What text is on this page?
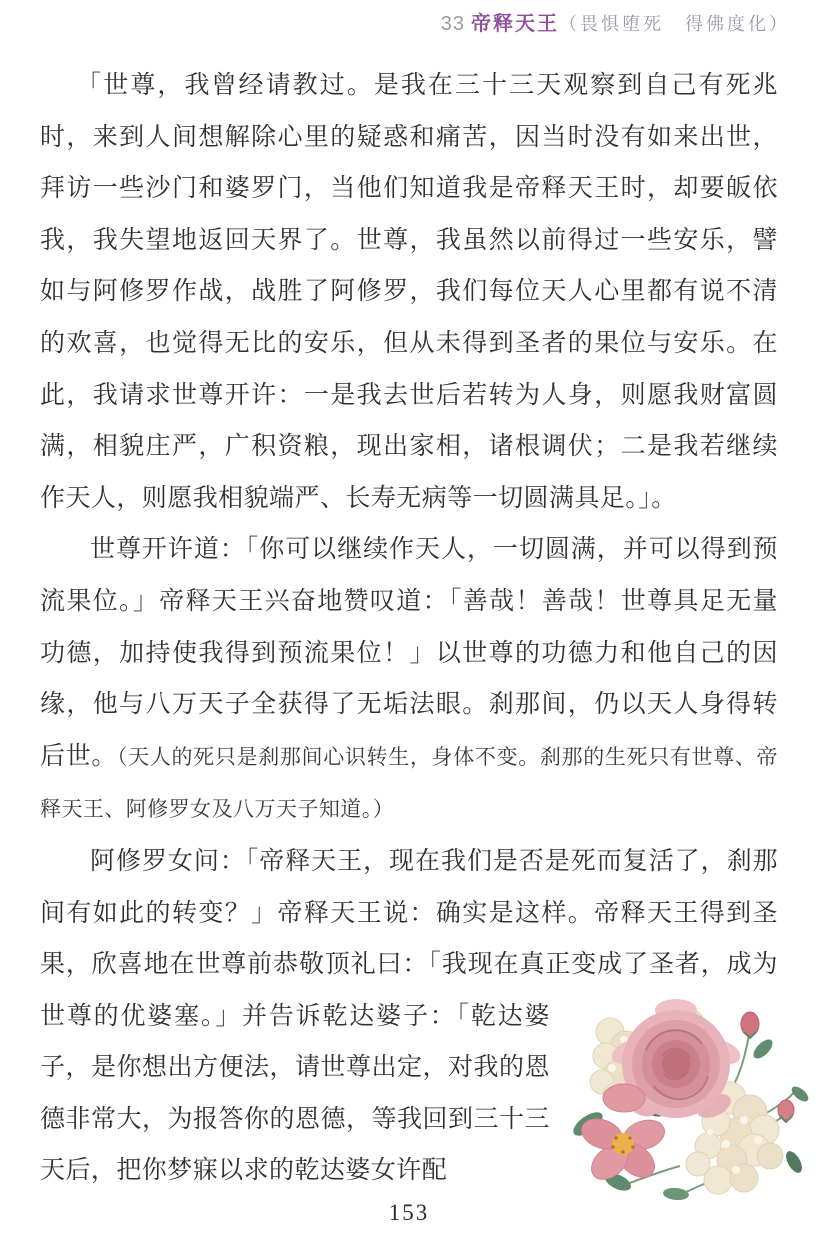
33 帝释天王（畏惧堕死　得佛度化）
「世尊，我曾经请教过。是我在三十三天观察到自己有死兆时，来到人间想解除心里的疑惑和痛苦，因当时没有如来出世，拜访一些沙门和婆罗门，当他们知道我是帝释天王时，却要皈依我，我失望地返回天界了。世尊，我虽然以前得过一些安乐，譬如与阿修罗作战，战胜了阿修罗，我们每位天人心里都有说不清的欢喜，也觉得无比的安乐，但从未得到圣者的果位与安乐。在此，我请求世尊开许：一是我去世后若转为人身，则愿我财富圆满，相貌庄严，广积资粮，现出家相，诸根调伏；二是我若继续作天人，则愿我相貌端严、长寿无病等一切圆满具足。」。
世尊开许道：「你可以继续作天人，一切圆满，并可以得到预流果位。」帝释天王兴奋地赞叹道：「善哉！善哉！世尊具足无量功德，加持使我得到预流果位！」以世尊的功德力和他自己的因缘，他与八万天子全获得了无垢法眼。刹那间，仍以天人身得转后世。（天人的死只是刹那间心识转生，身体不变。刹那的生死只有世尊、帝释天王、阿修罗女及八万天子知道。）
阿修罗女问：「帝释天王，现在我们是否是死而复活了，刹那间有如此的转变？」帝释天王说：确实是这样。帝释天王得到圣果，欣喜地在世尊前恭敬顶礼曰：「我现在真正变成了圣者，成为
世尊的优婆塞。」并告诉乾达婆子：「乾达婆子，是你想出方便法，请世尊出定，对我的恩德非常大，为报答你的恩德，等我回到三十三天后，把你梦寐以求的乾达婆女许配
153
